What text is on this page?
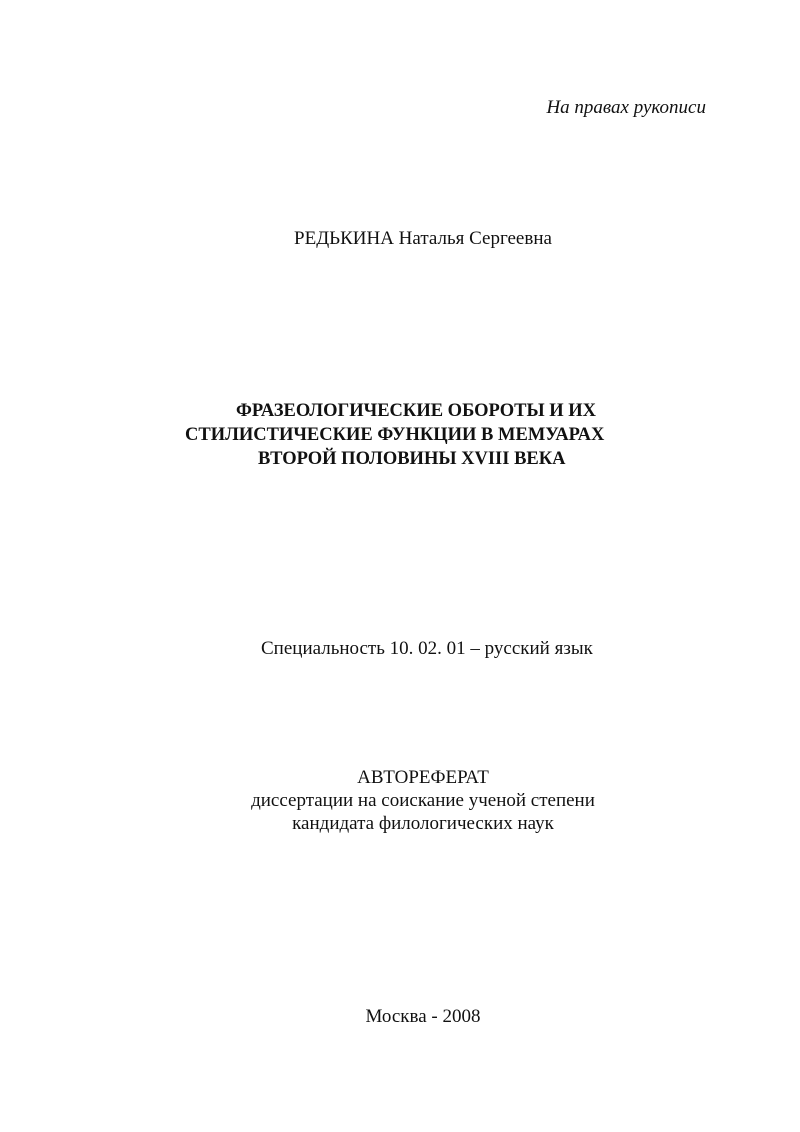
На правах рукописи
РЕДЬКИНА Наталья Сергеевна
ФРАЗЕОЛОГИЧЕСКИЕ ОБОРОТЫ И ИХ
СТИЛИСТИЧЕСКИЕ ФУНКЦИИ В МЕМУАРАХ
ВТОРОЙ ПОЛОВИНЫ XVIII ВЕКА
Специальность 10. 02. 01 – русский язык
АВТОРЕФЕРАТ
диссертации на соискание ученой степени
кандидата филологических наук
Москва - 2008
